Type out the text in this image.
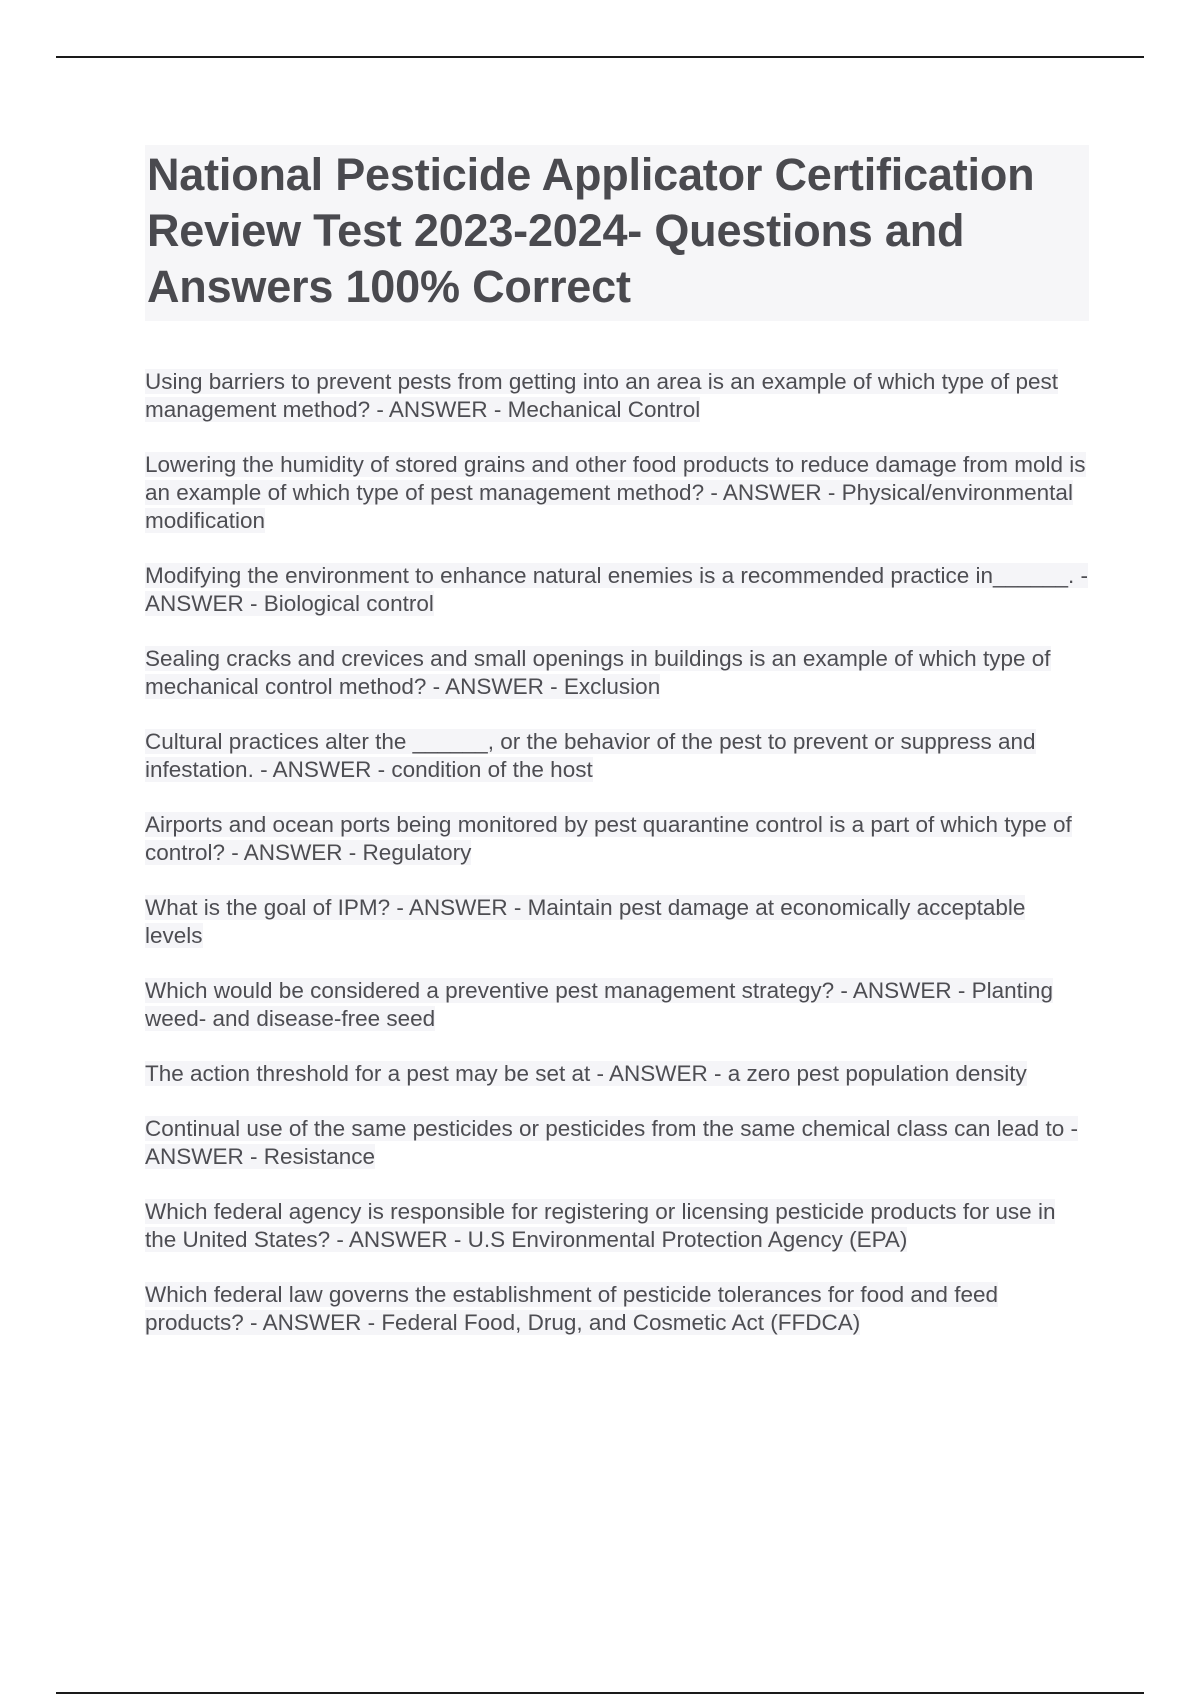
National Pesticide Applicator Certification Review Test 2023-2024- Questions and Answers 100% Correct

Using barriers to prevent pests from getting into an area is an example of which type of pest management method? - ANSWER - Mechanical Control

Lowering the humidity of stored grains and other food products to reduce damage from mold is an example of which type of pest management method? - ANSWER - Physical/environmental modification

Modifying the environment to enhance natural enemies is a recommended practice in______. - ANSWER - Biological control

Sealing cracks and crevices and small openings in buildings is an example of which type of mechanical control method? - ANSWER - Exclusion

Cultural practices alter the ______, or the behavior of the pest to prevent or suppress and infestation. - ANSWER - condition of the host

Airports and ocean ports being monitored by pest quarantine control is a part of which type of control? - ANSWER - Regulatory

What is the goal of IPM? - ANSWER - Maintain pest damage at economically acceptable levels

Which would be considered a preventive pest management strategy? - ANSWER - Planting weed- and disease-free seed

The action threshold for a pest may be set at - ANSWER - a zero pest population density

Continual use of the same pesticides or pesticides from the same chemical class can lead to - ANSWER - Resistance

Which federal agency is responsible for registering or licensing pesticide products for use in the United States? - ANSWER - U.S Environmental Protection Agency (EPA)

Which federal law governs the establishment of pesticide tolerances for food and feed products? - ANSWER - Federal Food, Drug, and Cosmetic Act (FFDCA)
